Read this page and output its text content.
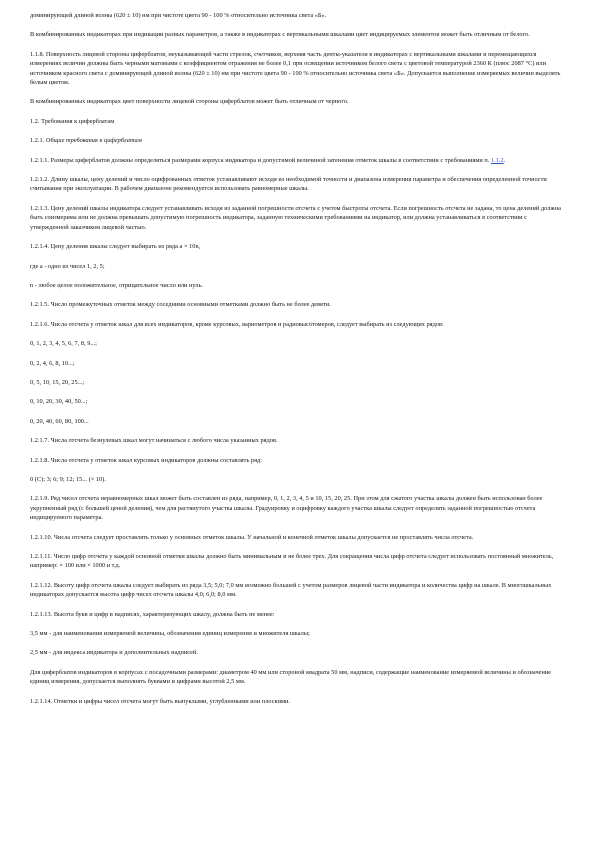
доминирующей длиной волны (620 ± 10) нм при чистоте цвета 90 - 100 % относительно источника света «Б».

В комбинированных индикаторах при индикации разных параметров, а также в индикаторах с вертикальными шкалами цвет индицируемых элементов может быть отличным от белого.

1.1.8. Поверхность лицевой стороны циферблатов, неуказывающей части стрелок, счетчиков, верхняя часть денты-указателя в индикаторах с вертикальными шкалами и перемещающихся измерениях величин должны быть черными матовыми с коэффициентом отражения не более 0,1 при освещении источником белого света с цветовой температурой 2360 К (плюс 2087 °С) или источником красного света с доминирующей длиной волны (620 ± 10) нм при чистоте цвета 90 - 100 % относительно источника света «Б». Допускается выполнение измеряемых величин выделять белым цветом.

В комбинированных индикаторах цвет поверхности лицевой стороны циферблатов может быть отличным от черного.

1.2. Требования к циферблатам

1.2.1. Общие требования к циферблатам

1.2.1.1. Размеры циферблатов должны определяться размерами корпуса индикатора и допустимой величиной затенения отметок шкалы в соответствии с требованиями п. 1.1.2.

1.2.1.2. Длину шкалы, цену делений и число оцифрованных отметок устанавливают исходя из необходимой точности и диапазона измерения параметра и обеспечения определенной точности считывания при эксплуатации. В рабочем диапазоне рекомендуется использовать равномерные шкалы.

1.2.1.3. Цену делений шкалы индикатора следует устанавливать исходя из заданной погрешности отсчета с учетом быстроты отсчета. Если погрешность отсчета не задана, то цена делений должна быть соизмерима или не должна превышать допустимую погрешность индикатора, заданную техническими требованиями на индикатор, или должна устанавливаться в соответствии с утвержденной заказчиком лицевой частью.

1.2.1.4. Цену деления шкалы следует выбирать из ряда a × 10n,

где a - одно из чисел 1, 2, 5;

n - любое целое положительное, отрицательное число или нуль.

1.2.1.5. Число промежуточных отметок между соседними основными отметками должно быть не более девяти.

1.2.1.6. Числа отсчета у отметок шкал для всех индикаторов, кроме курсовых, вариометров и радиовысотомеров, следует выбирать из следующих рядов:

0, 1, 2, 3, 4, 5, 6, 7, 8, 9...;

0, 2, 4, 6, 8, 10...;

0, 5, 10, 15, 20, 25...;

0, 10, 20, 30, 40, 50...;

0, 20, 40, 60, 80, 100...

1.2.1.7. Числа отсчета безнулевых шкал могут начинаться с любого числа указанных рядов.

1.2.1.8. Числа отсчета у отметок шкал курсовых индикаторов должны составлять ряд:

0 (С); 3; 6; 9; 12; 15... (× 10).

1.2.1.9. Ряд чисел отсчета неравномерных шкал может быть составлен из ряда, например, 0, 1, 2, 3, 4, 5 и 10, 15, 20, 25. При этом для сжатого участка шкалы должен быть использован более укрупненный ряд (с большей ценой деления), чем для растянутого участка шкалы. Градуировку и оцифровку каждого участка шкалы следует определять заданной погрешностью отсчета индицируемого параметра.

1.2.1.10. Числа отсчета следует проставлять только у основных отметок шкалы. У начальной и конечной отметок шкалы допускается не проставлять числа отсчета.

1.2.1.11. Число цифр отсчета у каждой основной отметки шкалы должно быть минимальным и не более трех. Для сокращения числа цифр отсчета следует использовать постоянный множитель, например: × 100 или × 1000 и т.д.

1.2.1.12. Высоту цифр отсчета шкалы следует выбирать из ряда 3,5; 5,0; 7,0 мм возможно большей с учетом размеров лицевой части индикатора и количества цифр на шкале. В многошкальных индикаторах допускается высота цифр чисел отсчета шкалы 4,0; 6,0; 8,0 мм.

1.2.1.13. Высота букв и цифр в надписях, характеризующих шкалу, должна быть не менее:

3,5 мм - для наименования измеряемой величины, обозначения единиц измерения и множителя шкалы;

2,5 мм - для индекса индикатора и дополнительных надписей.

Для циферблатов индикаторов в корпусах с посадочными размерами: диаметром 40 мм или стороной квадрата 50 мм, надписи, содержащие наименование измеряемой величины и обозначение единиц измерения, допускается выполнять буквами и цифрами высотой 2,5 мм.

1.2.1.14. Отметки и цифры чисел отсчета могут быть выпуклыми, углубленными или плоскими.
